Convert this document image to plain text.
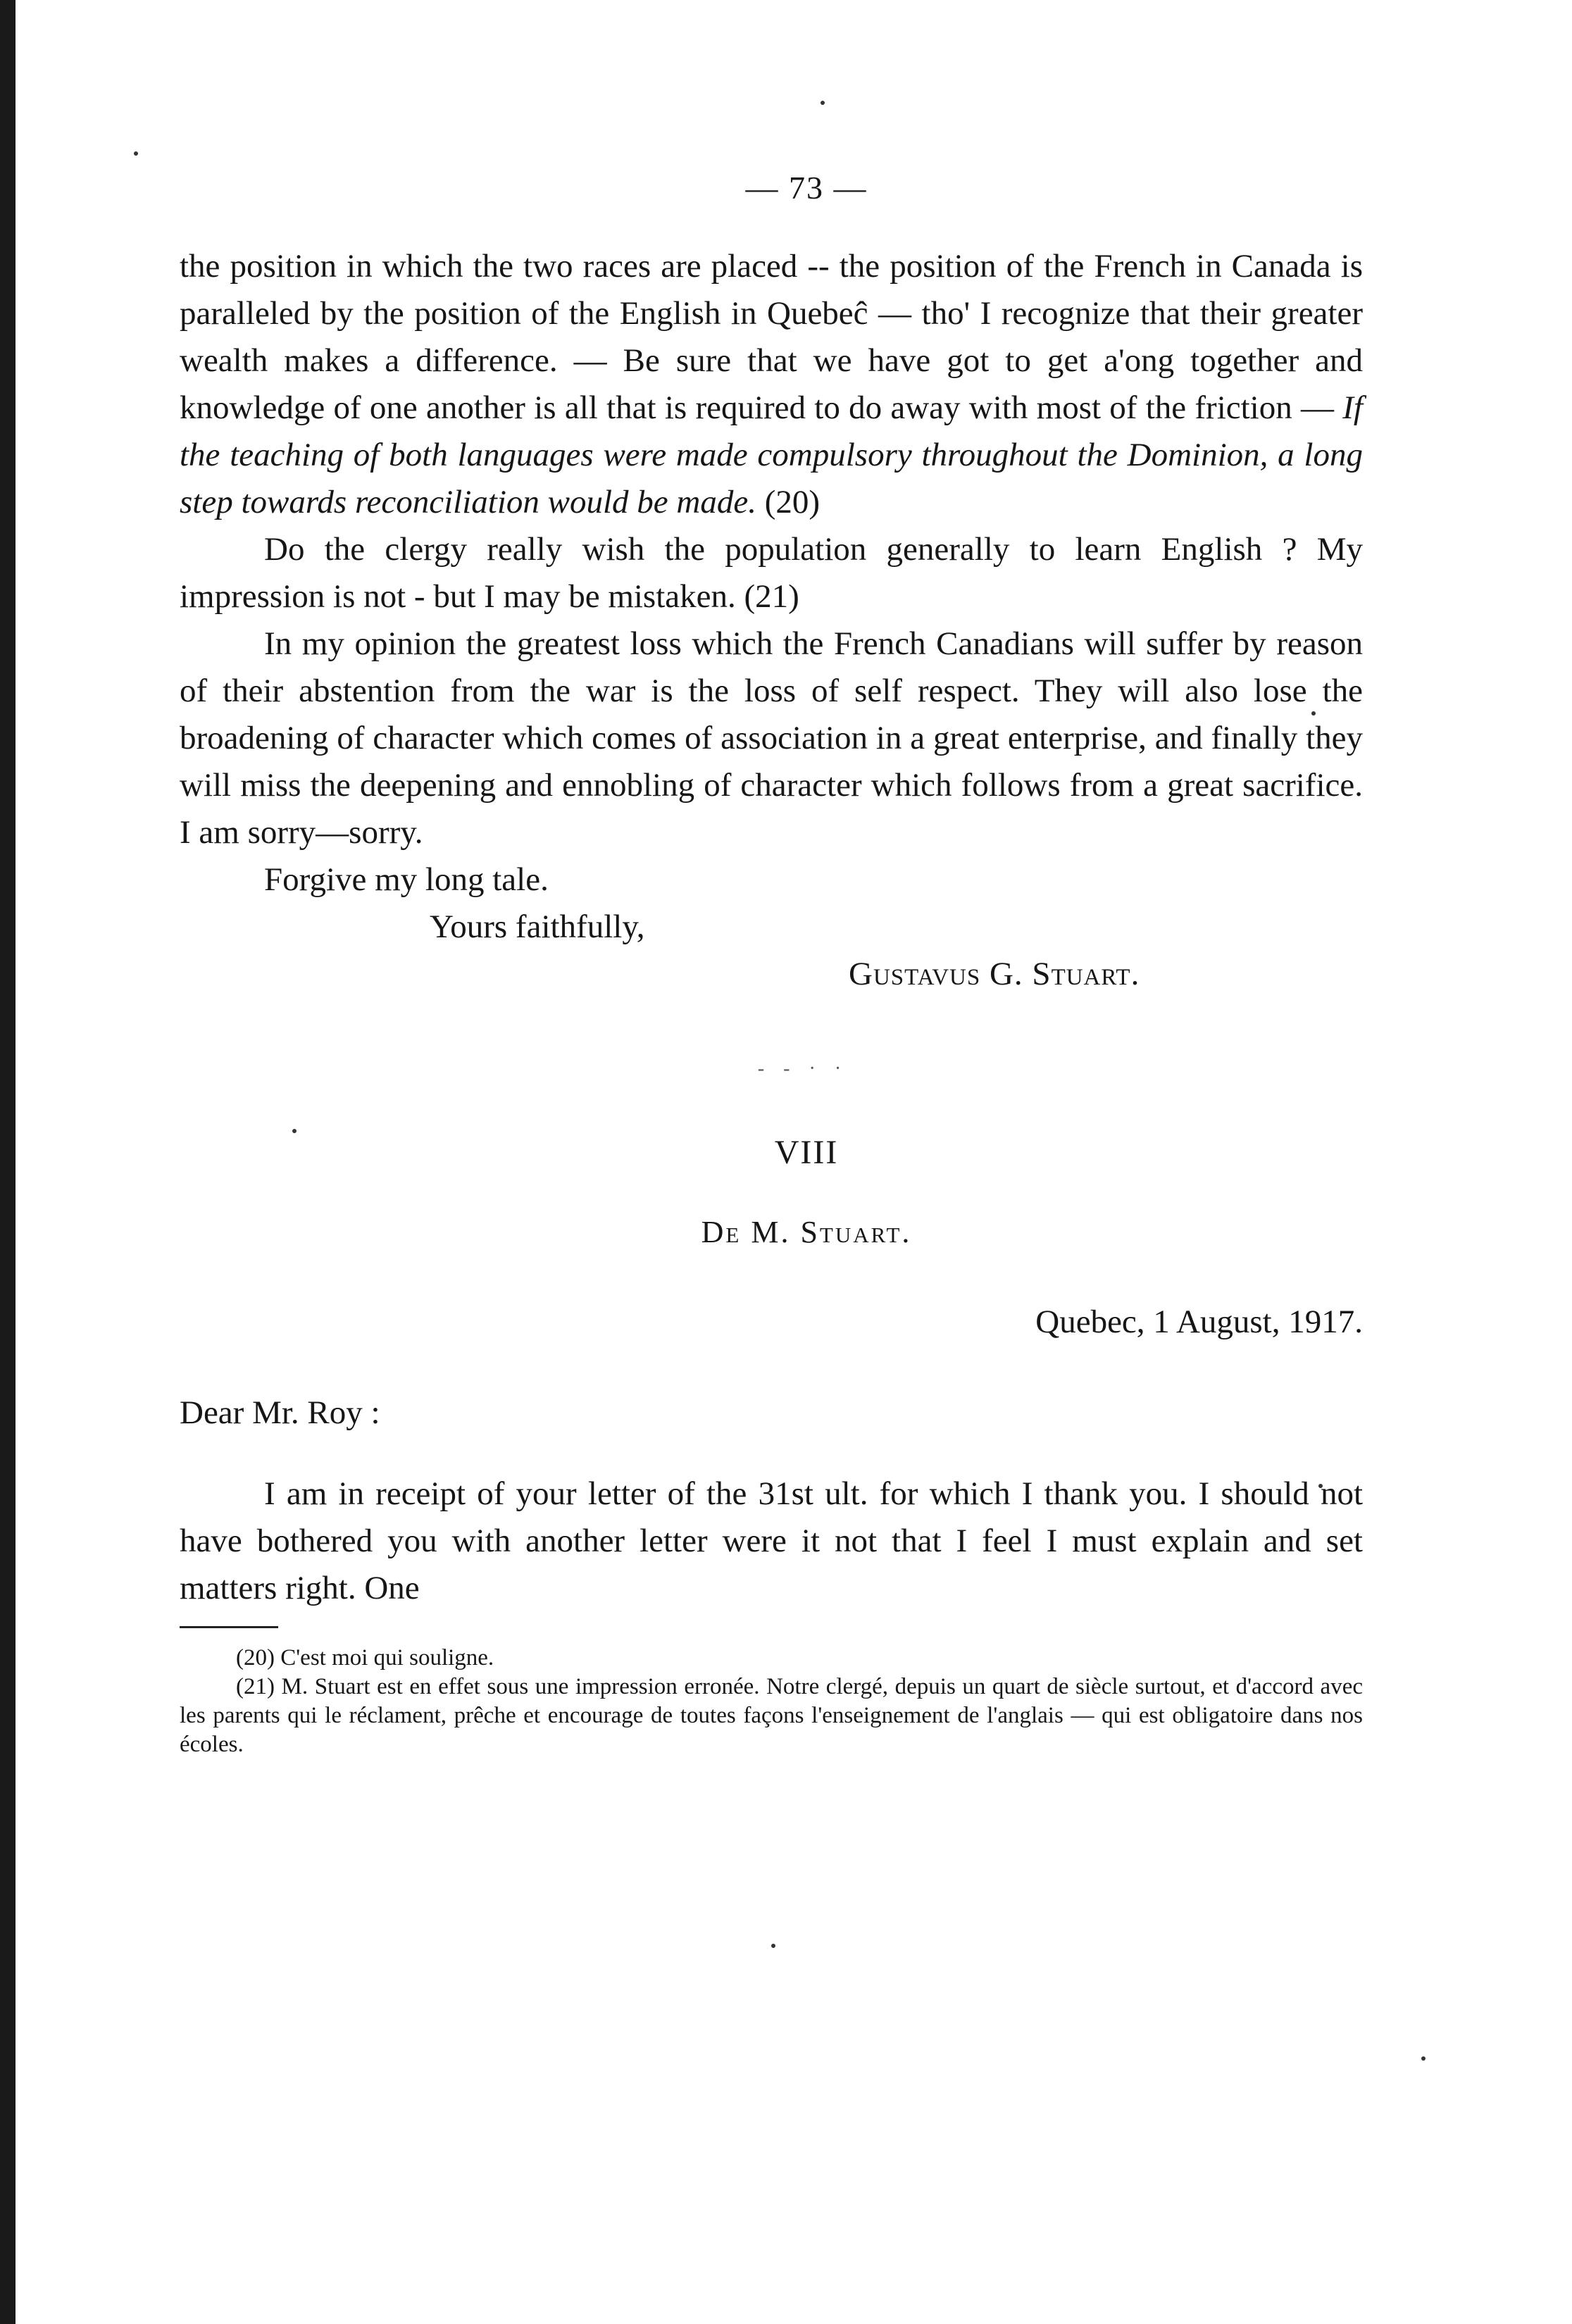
— 73 —

the position in which the two races are placed -- the position of the French in Canada is paralleled by the position of the English in Quebeĉ — tho' I recognize that their greater wealth makes a difference. — Be sure that we have got to get a'ong together and knowledge of one another is all that is required to do away with most of the friction — If the teaching of both languages were made compulsory throughout the Dominion, a long step towards reconciliation would be made. (20)

Do the clergy really wish the population generally to learn English ? My impression is not - but I may be mistaken. (21)

In my opinion the greatest loss which the French Canadians will suffer by reason of their abstention from the war is the loss of self respect. They will also lose the broadening of character which comes of association in a great enterprise, and finally they will miss the deepening and ennobling of character which follows from a great sacrifice. I am sorry—sorry.

Forgive my long tale.
Yours faithfully,
Gustavus G. Stuart.
- - · ·
VIII
De M. Stuart.
Quebec, 1 August, 1917.
Dear Mr. Roy :

I am in receipt of your letter of the 31st ult. for which I thank you. I should not have bothered you with another letter were it not that I feel I must explain and set matters right. One

(20) C'est moi qui souligne.

(21) M. Stuart est en effet sous une impression erronée. Notre clergé, depuis un quart de siècle surtout, et d'accord avec les parents qui le réclament, prêche et encourage de toutes façons l'enseignement de l'anglais — qui est obligatoire dans nos écoles.
